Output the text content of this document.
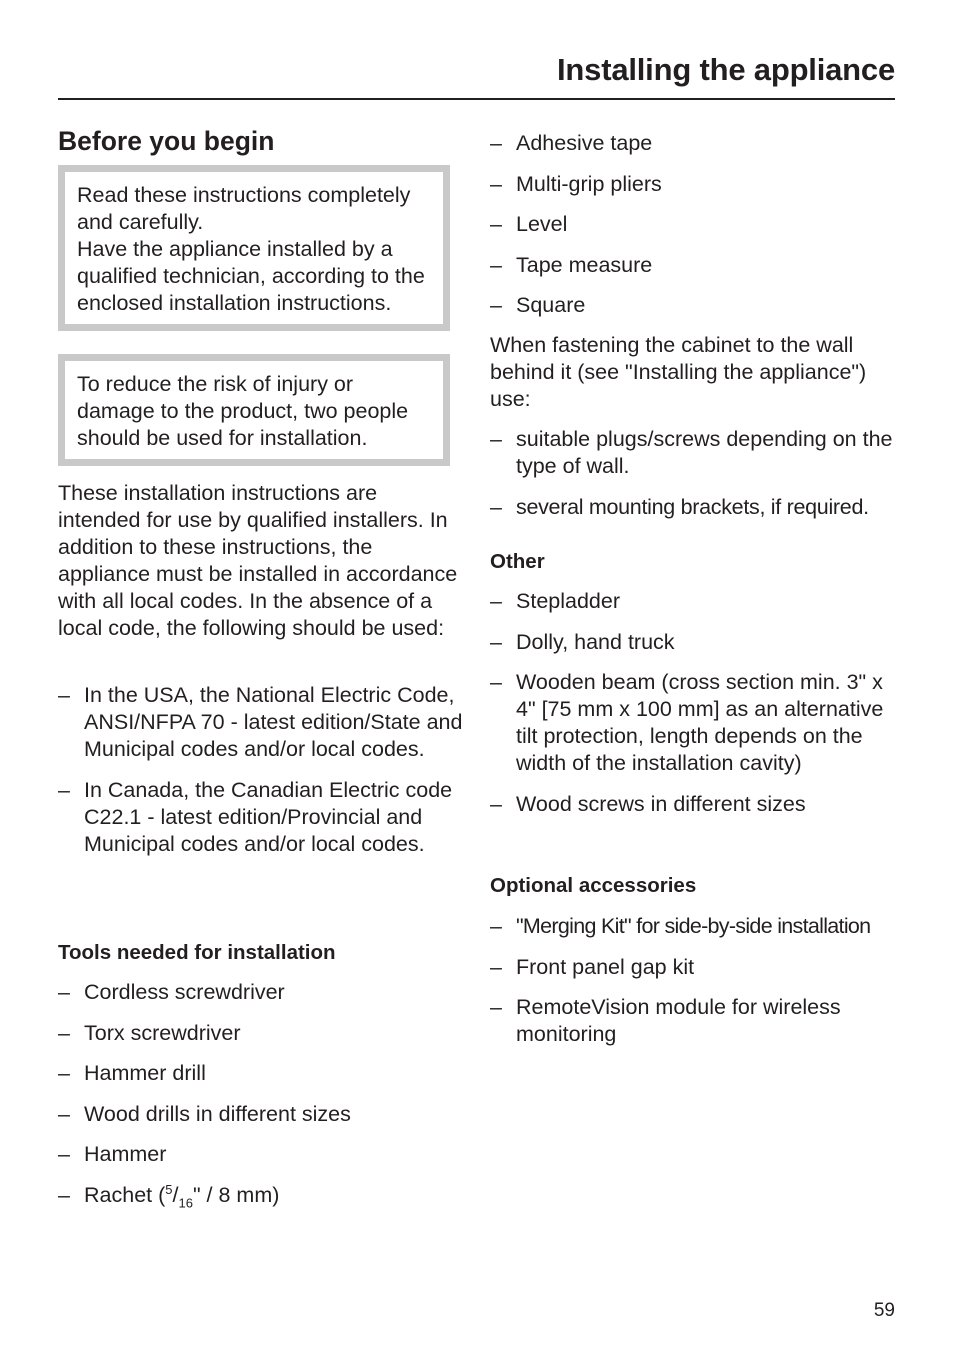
Installing the appliance
Before you begin

Read these instructions completely and carefully.

Have the appliance installed by a qualified technician, according to the enclosed installation instructions.

To reduce the risk of injury or damage to the product, two people should be used for installation.

These installation instructions are intended for use by qualified installers. In addition to these instructions, the appliance must be installed in accordance with all local codes. In the absence of a local code, the following should be used:

– In the USA, the National Electric Code, ANSI/NFPA 70 - latest edition/State and Municipal codes and/or local codes.
– In Canada, the Canadian Electric code C22.1 - latest edition/Provincial and Municipal codes and/or local codes.
Tools needed for installation
– Cordless screwdriver
– Torx screwdriver
– Hammer drill
– Wood drills in different sizes
– Hammer
– Rachet ($^5/_{16}$" / 8 mm)
– Adhesive tape
– Multi-grip pliers
– Level
– Tape measure
– Square

When fastening the cabinet to the wall behind it (see "Installing the appliance") use:

– suitable plugs/screws depending on the type of wall.
– several mounting brackets, if required.
Other
– Stepladder
– Dolly, hand truck
– Wooden beam (cross section min. 3" x 4" [75 mm x 100 mm] as an alternative tilt protection, length depends on the width of the installation cavity)
– Wood screws in different sizes
Optional accessories
– "Merging Kit" for side-by-side installation
– Front panel gap kit
– RemoteVision module for wireless monitoring
59
